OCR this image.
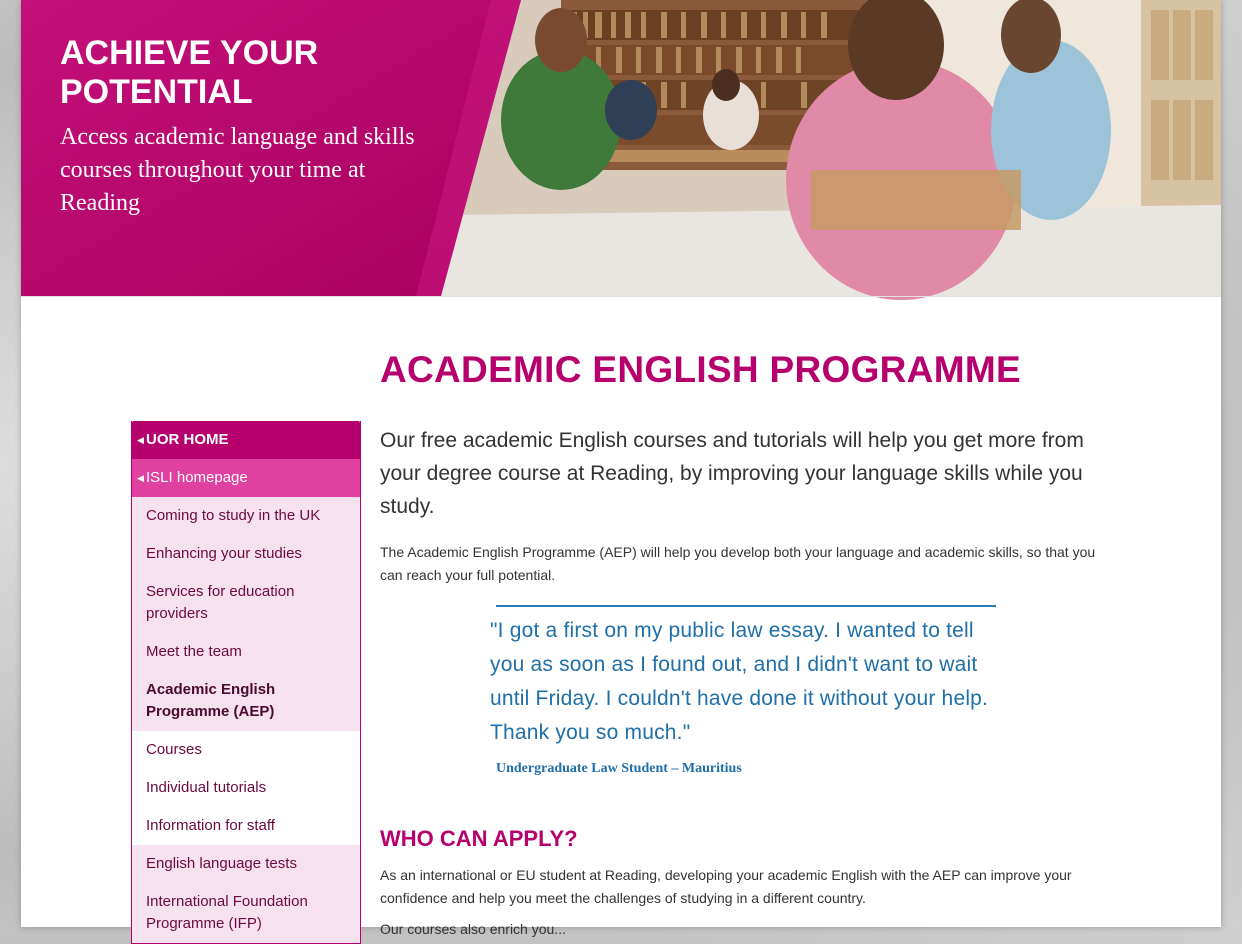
ACHIEVE YOUR POTENTIAL

Access academic language and skills courses throughout your time at Reading

◀ UOR HOME
◀ ISLI homepage
Coming to study in the UK
Enhancing your studies
Services for education providers
Meet the team
Academic English Programme (AEP)
Courses
Individual tutorials
Information for staff
English language tests
International Foundation Programme (IFP)
ACADEMIC ENGLISH PROGRAMME

Our free academic English courses and tutorials will help you get more from your degree course at Reading, by improving your language skills while you study.

The Academic English Programme (AEP) will help you develop both your language and academic skills, so that you can reach your full potential.

"I got a first on my public law essay. I wanted to tell you as soon as I found out, and I didn't want to wait until Friday. I couldn't have done it without your help. Thank you so much."

Undergraduate Law Student – Mauritius

WHO CAN APPLY?

As an international or EU student at Reading, developing your academic English with the AEP can improve your confidence and help you meet the challenges of studying in a different country.

Our courses also enrich you...
